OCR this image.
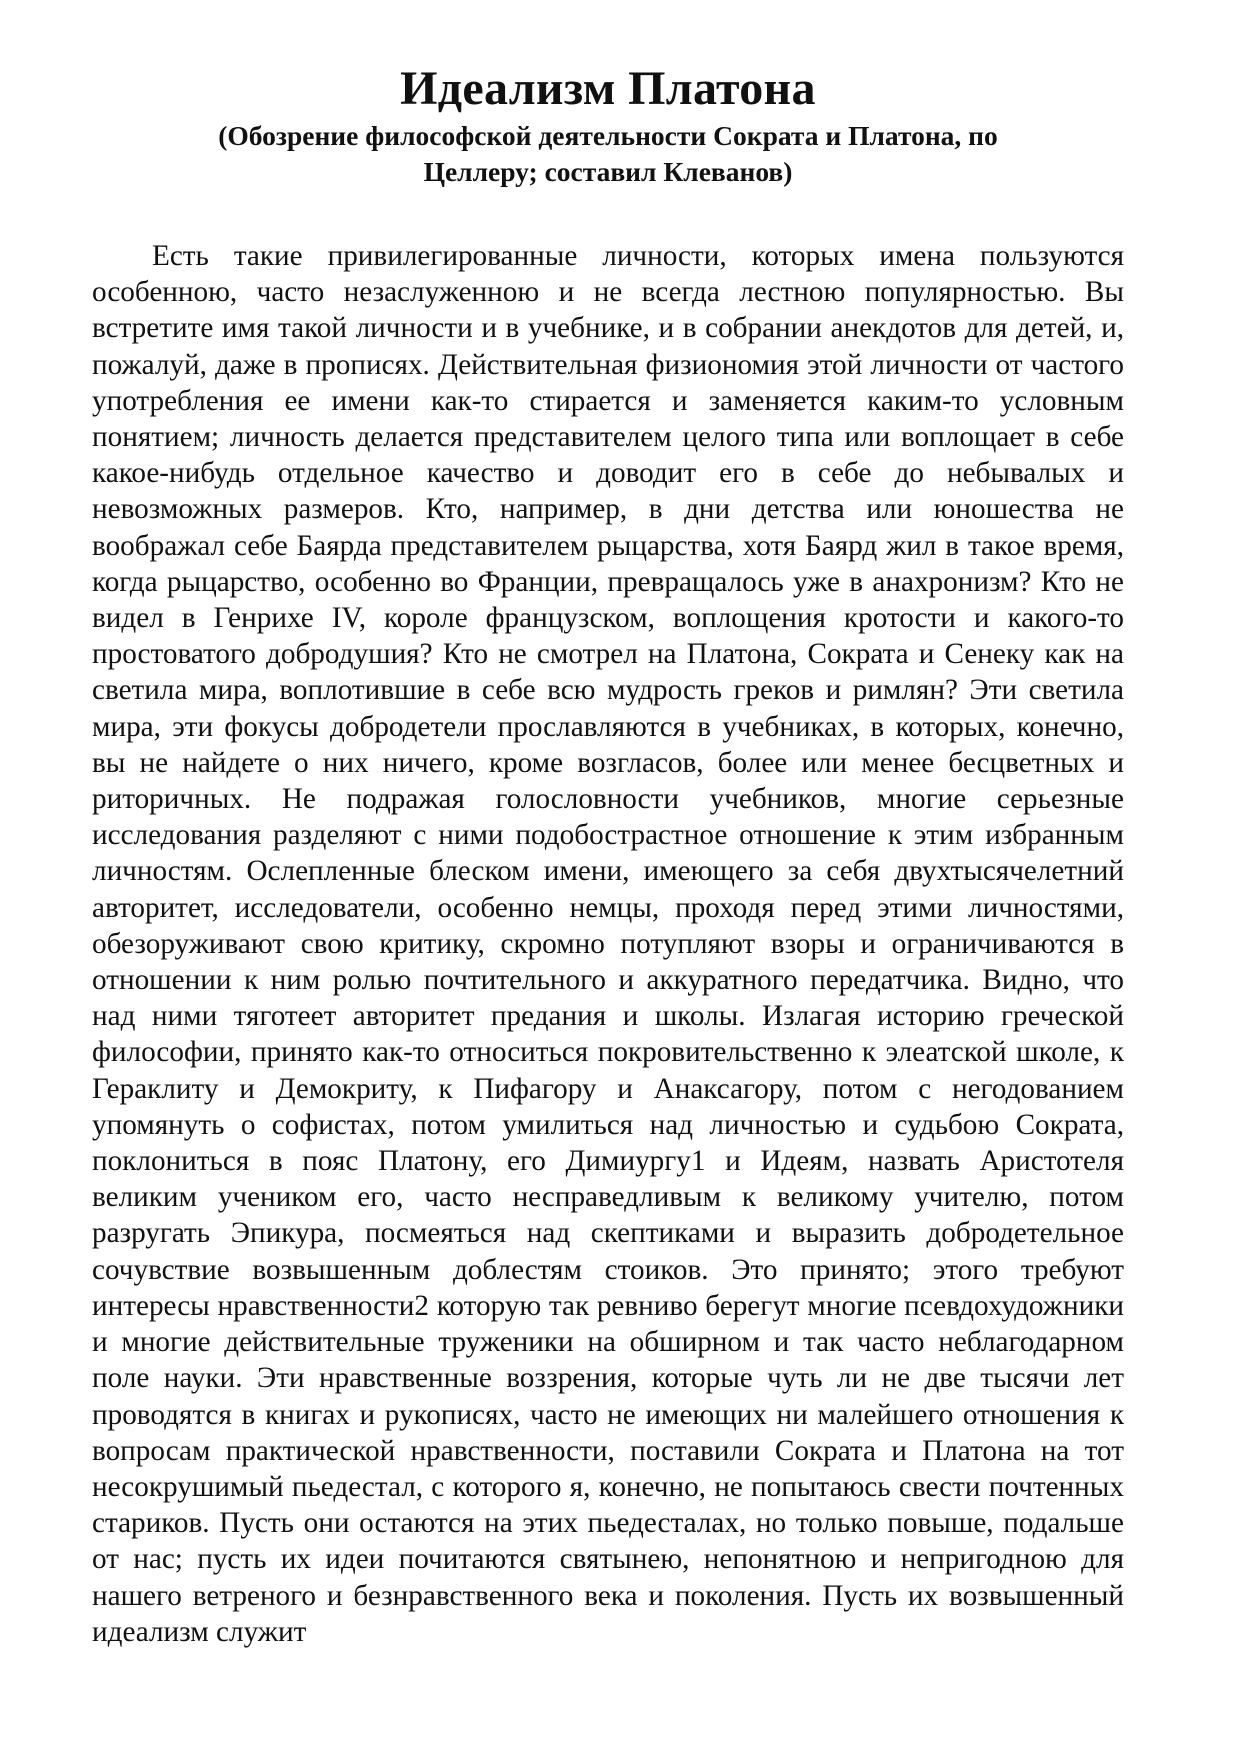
Идеализм Платона
(Обозрение философской деятельности Сократа и Платона, по Целлеру; составил Клеванов)

Есть такие привилегированные личности, которых имена пользуются особенною, часто незаслуженною и не всегда лестною популярностью. Вы встретите имя такой личности и в учебнике, и в собрании анекдотов для детей, и, пожалуй, даже в прописях. Действительная физиономия этой личности от частого употребления ее имени как-то стирается и заменяется каким-то условным понятием; личность делается представителем целого типа или воплощает в себе какое-нибудь отдельное качество и доводит его в себе до небывалых и невозможных размеров. Кто, например, в дни детства или юношества не воображал себе Баярда представителем рыцарства, хотя Баярд жил в такое время, когда рыцарство, особенно во Франции, превращалось уже в анахронизм? Кто не видел в Генрихе IV, короле французском, воплощения кротости и какого-то простоватого добродушия? Кто не смотрел на Платона, Сократа и Сенеку как на светила мира, воплотившие в себе всю мудрость греков и римлян? Эти светила мира, эти фокусы добродетели прославляются в учебниках, в которых, конечно, вы не найдете о них ничего, кроме возгласов, более или менее бесцветных и риторичных. Не подражая голословности учебников, многие серьезные исследования разделяют с ними подобострастное отношение к этим избранным личностям. Ослепленные блеском имени, имеющего за себя двухтысячелетний авторитет, исследователи, особенно немцы, проходя перед этими личностями, обезоруживают свою критику, скромно потупляют взоры и ограничиваются в отношении к ним ролью почтительного и аккуратного передатчика. Видно, что над ними тяготеет авторитет предания и школы. Излагая историю греческой философии, принято как-то относиться покровительственно к элеатской школе, к Гераклиту и Демокриту, к Пифагору и Анаксагору, потом с негодованием упомянуть о софистах, потом умилиться над личностью и судьбою Сократа, поклониться в пояс Платону, его Димиургу1 и Идеям, назвать Аристотеля великим учеником его, часто несправедливым к великому учителю, потом разругать Эпикура, посмеяться над скептиками и выразить добродетельное сочувствие возвышенным доблестям стоиков. Это принято; этого требуют интересы нравственности2 которую так ревниво берегут многие псевдохудожники и многие действительные труженики на обширном и так часто неблагодарном поле науки. Эти нравственные воззрения, которые чуть ли не две тысячи лет проводятся в книгах и рукописях, часто не имеющих ни малейшего отношения к вопросам практической нравственности, поставили Сократа и Платона на тот несокрушимый пьедестал, с которого я, конечно, не попытаюсь свести почтенных стариков. Пусть они остаются на этих пьедесталах, но только повыше, подальше от нас; пусть их идеи почитаются святынею, непонятною и непригодною для нашего ветреного и безнравственного века и поколения. Пусть их возвышенный идеализм служит
